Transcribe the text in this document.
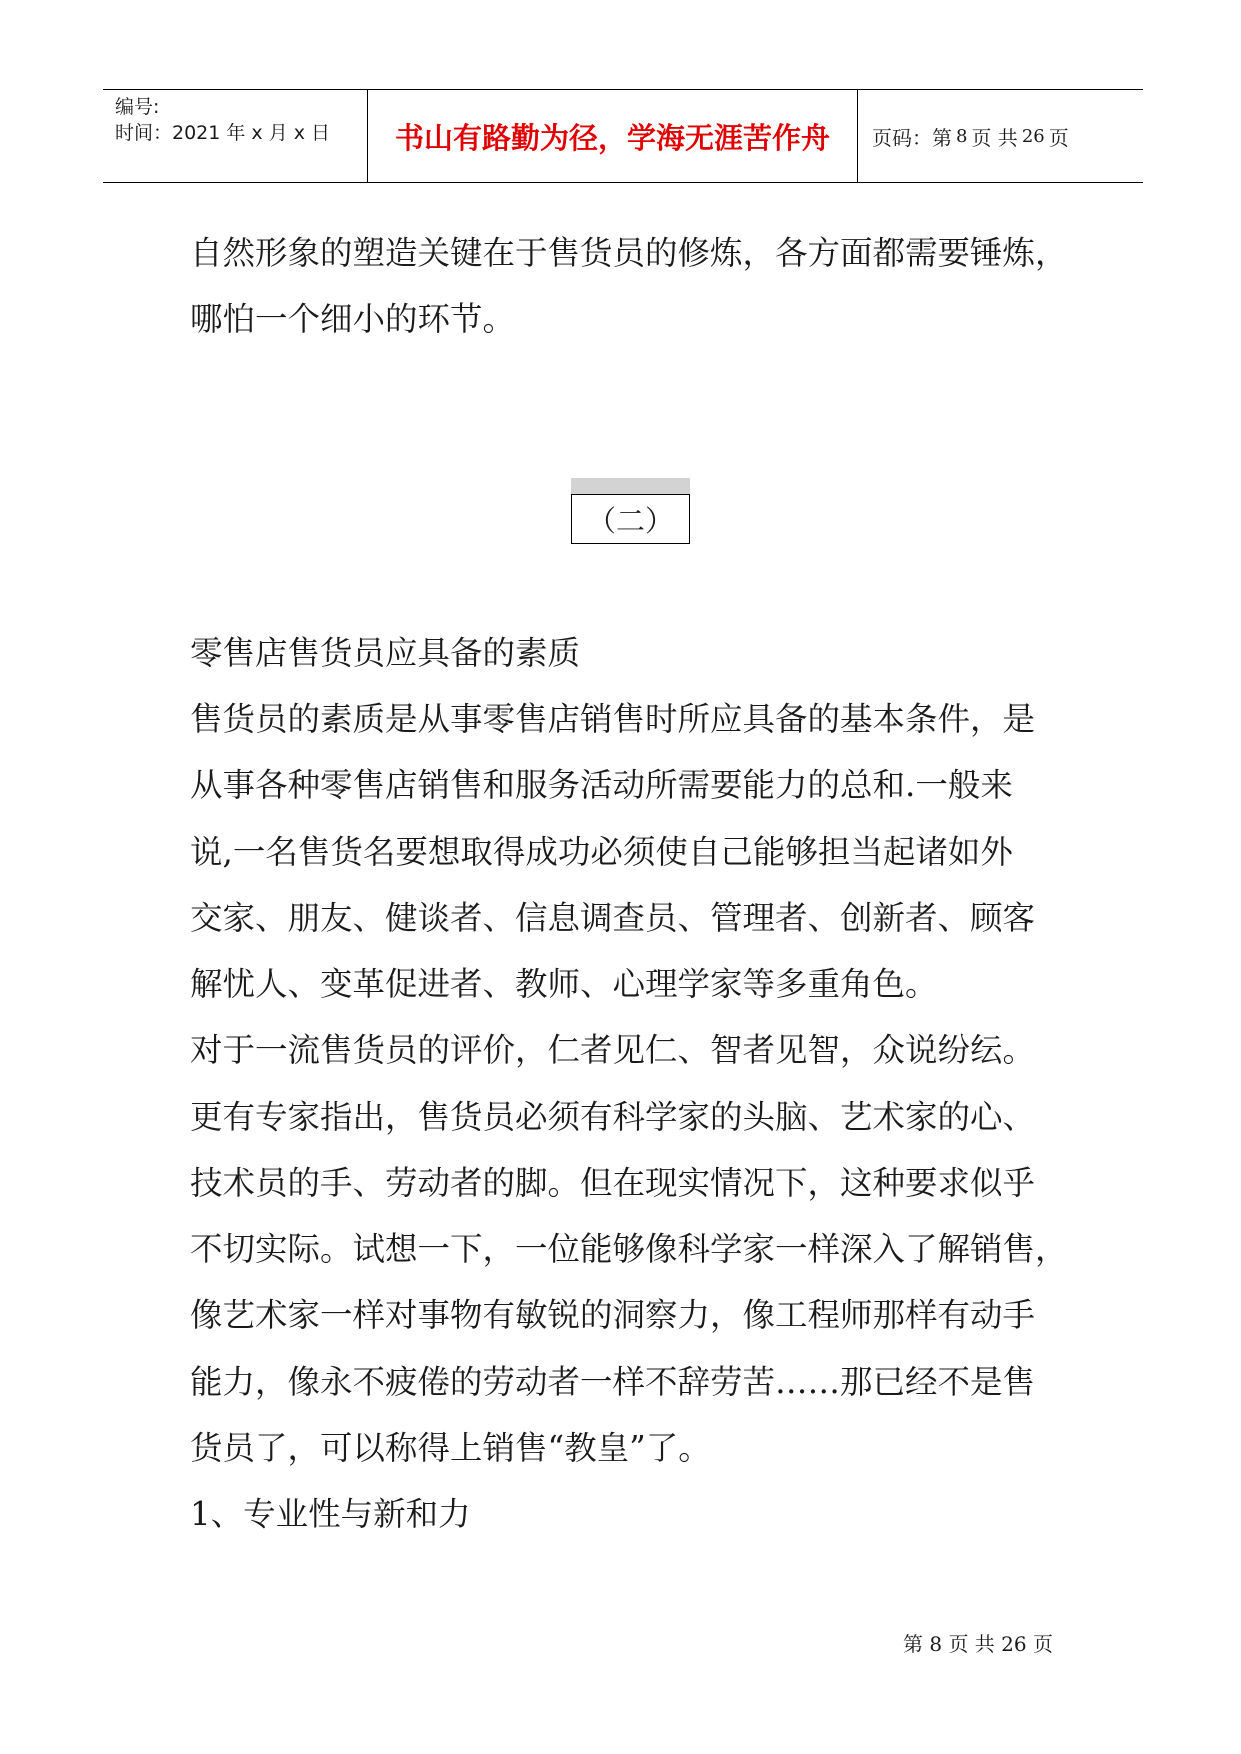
编号:
时间：2021 年 x 月 x 日	书山有路勤为径，学海无涯苦作舟	页码：第 8 页 共 26 页

自然形象的塑造关键在于售货员的修炼，各方面都需要锤炼，

哪怕一个细小的环节。

（二）

零售店售货员应具备的素质

售货员的素质是从事零售店销售时所应具备的基本条件，是

从事各种零售店销售和服务活动所需要能力的总和.一般来

说,一名售货名要想取得成功必须使自己能够担当起诸如外

交家、朋友、健谈者、信息调查员、管理者、创新者、顾客

解忧人、变革促进者、教师、心理学家等多重角色。

对于一流售货员的评价，仁者见仁、智者见智，众说纷纭。

更有专家指出，售货员必须有科学家的头脑、艺术家的心、

技术员的手、劳动者的脚。但在现实情况下，这种要求似乎

不切实际。试想一下，一位能够像科学家一样深入了解销售，

像艺术家一样对事物有敏锐的洞察力，像工程师那样有动手

能力，像永不疲倦的劳动者一样不辞劳苦……那已经不是售

货员了，可以称得上销售“教皇”了。

1、专业性与新和力

第 8 页 共 26 页
